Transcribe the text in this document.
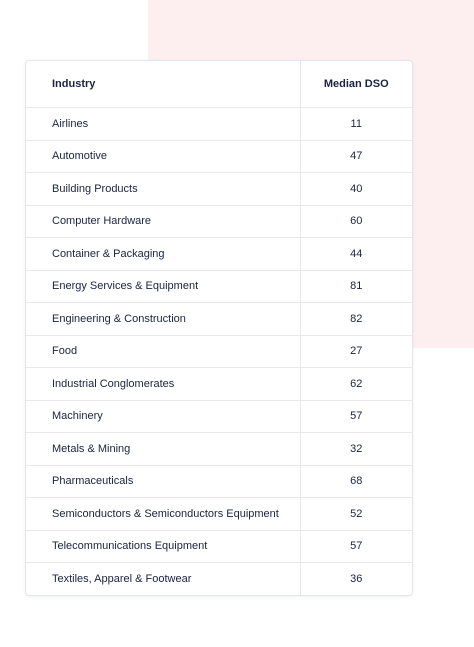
Industry	Median DSO
Airlines	11
Automotive	47
Building Products	40
Computer Hardware	60
Container & Packaging	44
Energy Services & Equipment	81
Engineering & Construction	82
Food	27
Industrial Conglomerates	62
Machinery	57
Metals & Mining	32
Pharmaceuticals	68
Semiconductors & Semiconductors Equipment	52
Telecommunications Equipment	57
Textiles, Apparel & Footwear	36
